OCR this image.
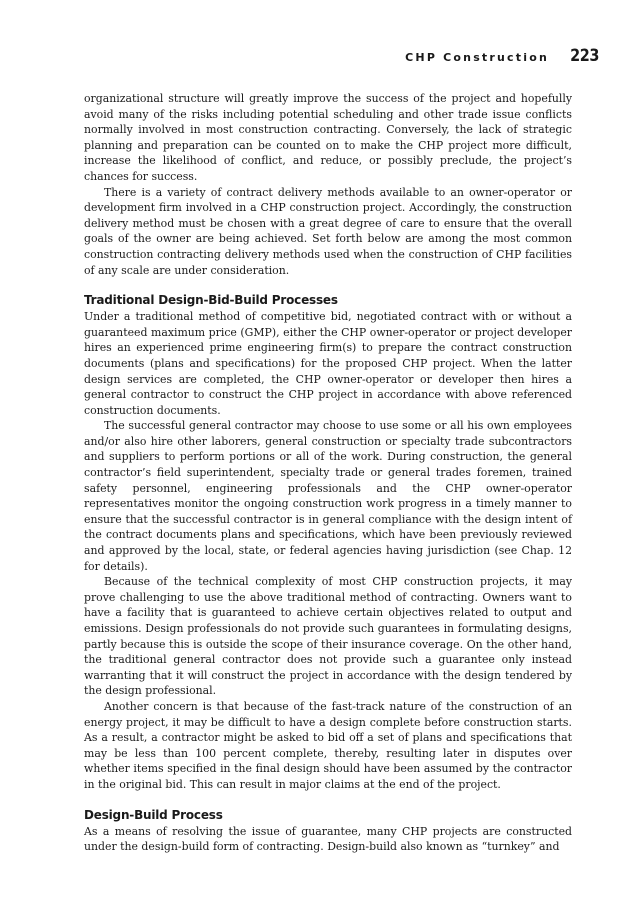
CHP Construction 223

organizational structure will greatly improve the success of the project and hopefully avoid many of the risks including potential scheduling and other trade issue conflicts normally involved in most construction contracting. Conversely, the lack of strategic planning and preparation can be counted on to make the CHP project more difficult, increase the likelihood of conflict, and reduce, or possibly preclude, the project’s chances for success.

There is a variety of contract delivery methods available to an owner-operator or development firm involved in a CHP construction project. Accordingly, the construction delivery method must be chosen with a great degree of care to ensure that the overall goals of the owner are being achieved. Set forth below are among the most common construction contracting delivery methods used when the construction of CHP facilities of any scale are under consideration.

Traditional Design-Bid-Build Processes

Under a traditional method of competitive bid, negotiated contract with or without a guaranteed maximum price (GMP), either the CHP owner-operator or project developer hires an experienced prime engineering firm(s) to prepare the contract construction documents (plans and specifications) for the proposed CHP project. When the latter design services are completed, the CHP owner-operator or developer then hires a general contractor to construct the CHP project in accordance with above referenced construction documents.

The successful general contractor may choose to use some or all his own employees and/or also hire other laborers, general construction or specialty trade subcontractors and suppliers to perform portions or all of the work. During construction, the general contractor’s field superintendent, specialty trade or general trades foremen, trained safety personnel, engineering professionals and the CHP owner-operator representatives monitor the ongoing construction work progress in a timely manner to ensure that the successful contractor is in general compliance with the design intent of the contract documents plans and specifications, which have been previously reviewed and approved by the local, state, or federal agencies having jurisdiction (see Chap. 12 for details).

Because of the technical complexity of most CHP construction projects, it may prove challenging to use the above traditional method of contracting. Owners want to have a facility that is guaranteed to achieve certain objectives related to output and emissions. Design professionals do not provide such guarantees in formulating designs, partly because this is outside the scope of their insurance coverage. On the other hand, the traditional general contractor does not provide such a guarantee only instead warranting that it will construct the project in accordance with the design tendered by the design professional.

Another concern is that because of the fast-track nature of the construction of an energy project, it may be difficult to have a design complete before construction starts. As a result, a contractor might be asked to bid off a set of plans and specifications that may be less than 100 percent complete, thereby, resulting later in disputes over whether items specified in the final design should have been assumed by the contractor in the original bid. This can result in major claims at the end of the project.

Design-Build Process

As a means of resolving the issue of guarantee, many CHP projects are constructed under the design-build form of contracting. Design-build also known as “turnkey” and
